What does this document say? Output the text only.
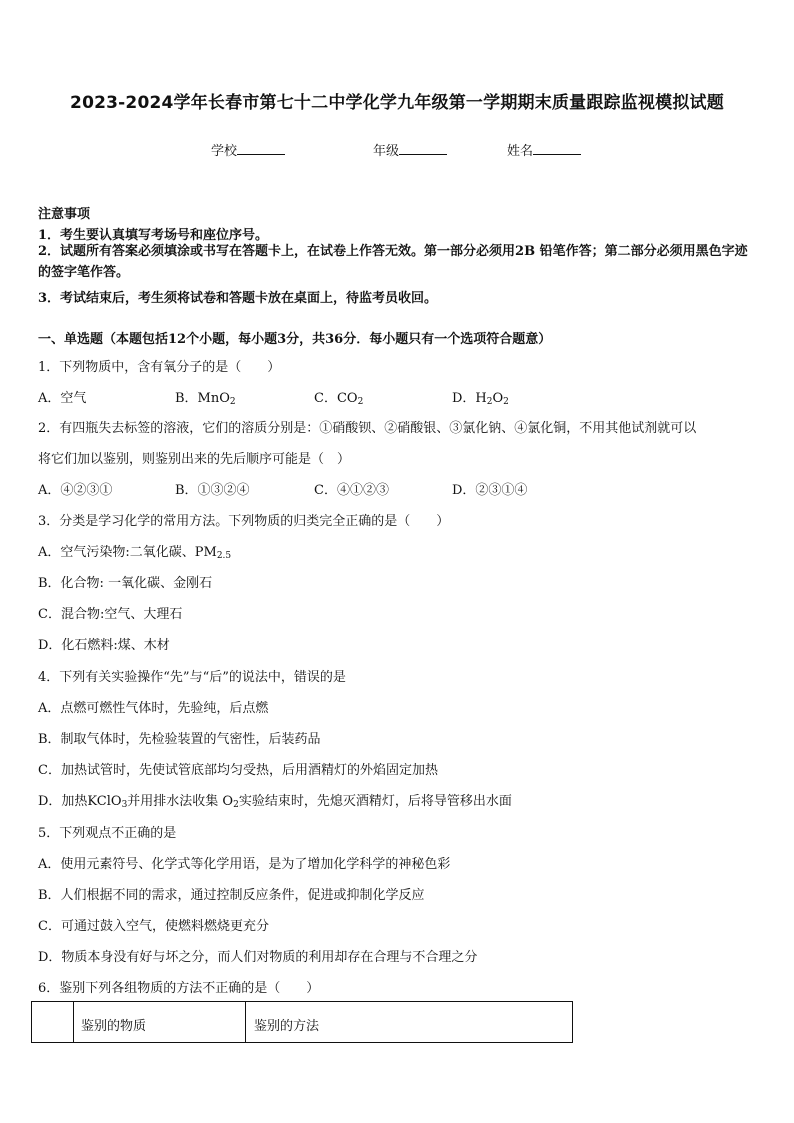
2023-2024学年长春市第七十二中学化学九年级第一学期期末质量跟踪监视模拟试题
学校	年级	姓名
注意事项
1．考生要认真填写考场号和座位序号。
2．试题所有答案必须填涂或书写在答题卡上，在试卷上作答无效。第一部分必须用2B 铅笔作答；第二部分必须用黑色字迹的签字笔作答。
3．考试结束后，考生须将试卷和答题卡放在桌面上，待监考员收回。
一、单选题（本题包括12个小题，每小题3分，共36分．每小题只有一个选项符合题意）
1．下列物质中，含有氧分子的是（　　）
A．空气	B．MnO$_2$	C．$CO_2$	D．$H_2O_2$
2．有四瓶失去标签的溶液，它们的溶质分别是：①硝酸钡、②硝酸银、③氯化钠、④氯化铜，不用其他试剂就可以
将它们加以鉴别，则鉴别出来的先后顺序可能是（　）
A．④②③①	B．①③②④	C．④①②③	D．②③①④
3．分类是学习化学的常用方法。下列物质的归类完全正确的是（　　）
A．空气污染物:二氧化碳、$PM_{2.5}$
B．化合物: 一氧化碳、金刚石
C．混合物:空气、大理石
D．化石燃料:煤、木材
4．下列有关实验操作“先”与“后”的说法中，错误的是
A．点燃可燃性气体时，先验纯，后点燃
B．制取气体时，先检验装置的气密性，后装药品
C．加热试管时，先使试管底部均匀受热，后用酒精灯的外焰固定加热
D．加热KClO$_3$并用排水法收集 $O_2$实验结束时，先熄灭酒精灯，后将导管移出水面
5．下列观点不正确的是
A．使用元素符号、化学式等化学用语，是为了增加化学科学的神秘色彩
B．人们根据不同的需求，通过控制反应条件，促进或抑制化学反应
C．可通过鼓入空气，使燃料燃烧更充分
D．物质本身没有好与坏之分，而人们对物质的利用却存在合理与不合理之分
6．鉴别下列各组物质的方法不正确的是（　　）
鉴别的物质	鉴别的方法
